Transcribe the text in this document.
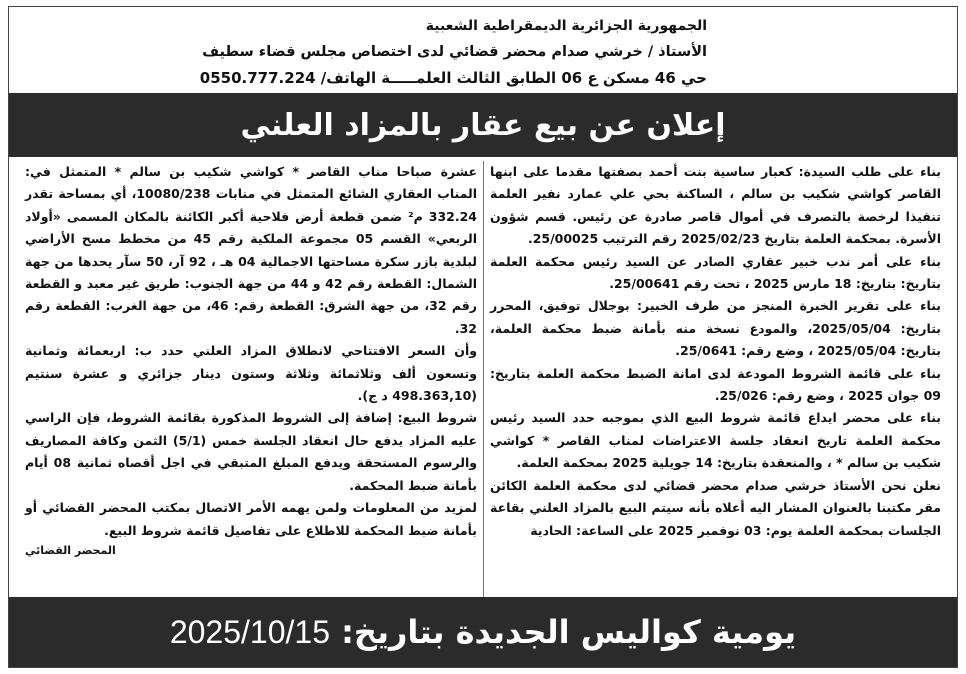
الجمهورية الجزائرية الديمقراطية الشعبية
الأستاذ / خرشي صدام محضر قضائي لدى اختصاص مجلس قضاء سطيف
حي 46 مسكن ع 06 الطابق الثالث العلمـــــة الهاتف/ 0550.777.224
إعلان عن بيع عقار بالمزاد العلني

بناء على طلب السيدة: كعبار ساسية بنت أحمد بصفتها مقدما على ابنها القاصر كواشي شكيب بن سالم ، الساكنة بحي علي عمارد نفير العلمة تنفيذا لرخصة بالتصرف في أموال قاصر صادرة عن رئيس. قسم شؤون الأسرة. بمحكمة العلمة بتاريخ 2025/02/23 رقم الترتيب 25/00025.

بناء على أمر ندب خبير عقاري الصادر عن السيد رئيس محكمة العلمة بتاريخ: بتاريخ: 18 مارس 2025 ، تحت رقم 25/00641.

بناء على تقرير الخبرة المنجز من طرف الخبير: بوجلال توفيق، المحرر بتاريخ: 2025/05/04، والمودع نسخة منه بأمانة ضبط محكمة العلمة، بتاريخ: 2025/05/04 ، وضع رقم: 25/0641.

بناء على قائمة الشروط المودعة لدى امانة الضبط محكمة العلمة بتاريخ: 09 جوان 2025 ، وضع رقم: 25/026.

بناء على محضر ايداع قائمة شروط البيع الذي بموجبه حدد السيد رئيس محكمة العلمة تاريخ انعقاد جلسة الاعتراضات لمناب القاصر * كواشي شكيب بن سالم * ، والمنعقدة بتاريخ: 14 جويلية 2025 بمحكمة العلمة.

نعلن نحن الأستاذ خرشي صدام محضر قضائي لدى محكمة العلمة الكائن مقر مكتبنا بالعنوان المشار اليه أعلاه بأنه سيتم البيع بالمزاد العلني بقاعة الجلسات بمحكمة العلمة يوم: 03 نوفمبر 2025 على الساعة: الحادية

عشرة صباحا مناب القاصر * كواشي شكيب بن سالم * المتمثل في: المناب العقاري الشائع المتمثل في منابات 10080/238، أي بمساحة تقدر 332.24 م² ضمن قطعة أرض فلاحية أكبر الكائنة بالمكان المسمى «أولاد الربعي» القسم 05 مجموعة الملكية رقم 45 من مخطط مسح الأراضي لبلدية بازر سكرة مساحتها الاجمالية 04 هـ ، 92 آر، 50 سآر يحدها من جهة الشمال: القطعة رقم 42 و 44 من جهة الجنوب: طريق غير معبد و القطعة رقم 32، من جهة الشرق: القطعة رقم: 46، من جهة الغرب: القطعة رقم 32.

وأن السعر الافتتاحي لانطلاق المزاد العلني حدد ب: اربعمائة وثمانية وتسعون ألف وثلاثمائة وثلاثة وستون دينار جزائري و عشرة سنتيم (498.363,10 د ج).

شروط البيع: إضافة إلى الشروط المذكورة بقائمة الشروط، فإن الراسي عليه المزاد يدفع حال انعقاد الجلسة خمس (5/1) الثمن وكافة المصاريف والرسوم المستحقة ويدفع المبلغ المتبقي في اجل أقصاه ثمانية 08 أيام بأمانة ضبط المحكمة.

لمزيد من المعلومات ولمن يهمه الأمر الاتصال بمكتب المحضر القضائي أو بأمانة ضبط المحكمة للاطلاع على تفاصيل قائمة شروط البيع.

المحضر القضائي

يومية كواليس الجديدة بتاريخ: 2025/10/15
